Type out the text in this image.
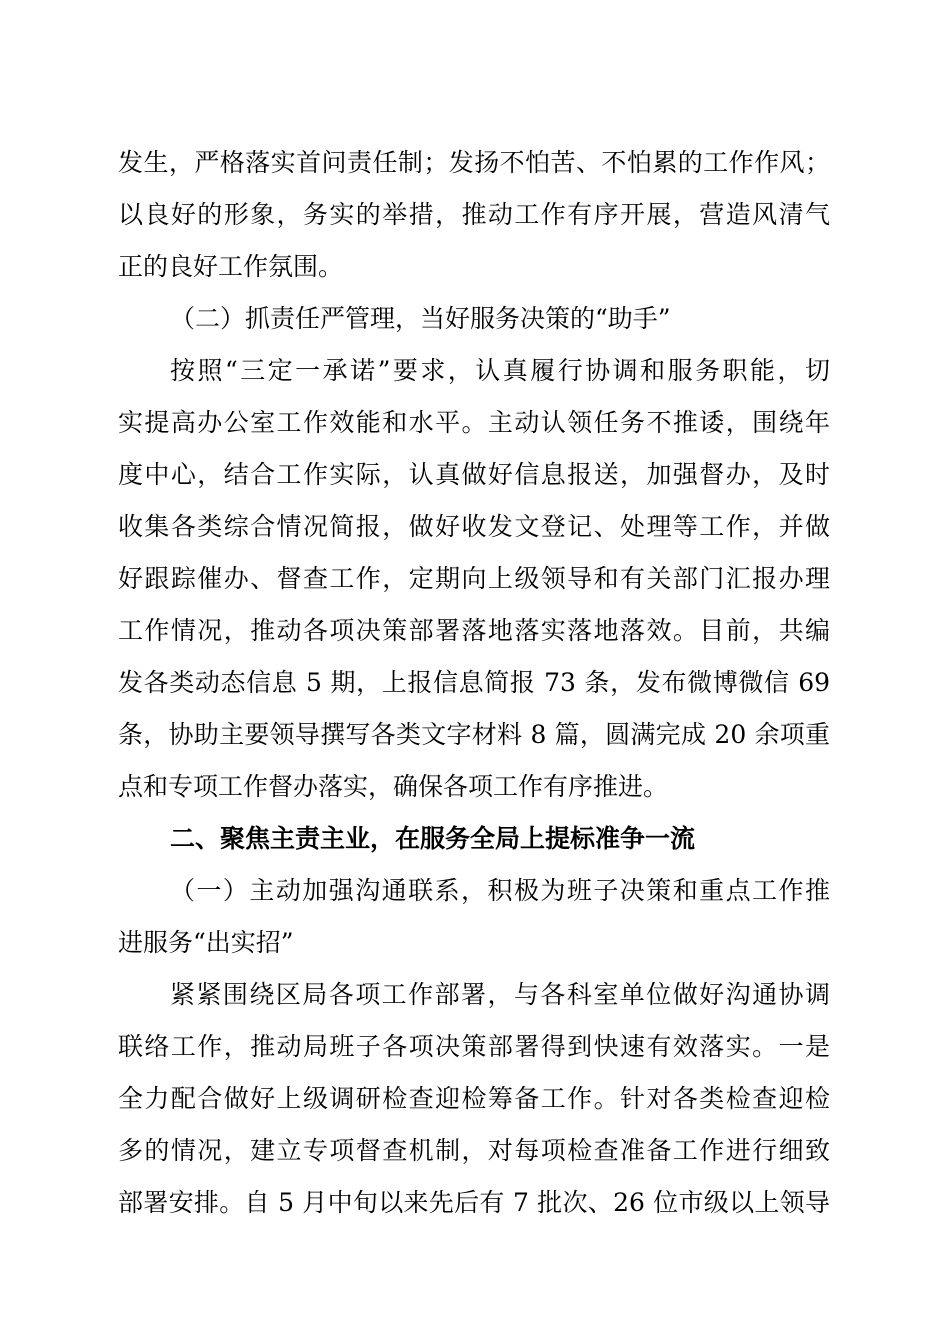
发生，严格落实首问责任制；发扬不怕苦、不怕累的工作作风；
以良好的形象，务实的举措，推动工作有序开展，营造风清气
正的良好工作氛围。
（二）抓责任严管理，当好服务决策的“助手”
按照“三定一承诺”要求，认真履行协调和服务职能，切
实提高办公室工作效能和水平。主动认领任务不推诿，围绕年
度中心，结合工作实际，认真做好信息报送，加强督办，及时
收集各类综合情况简报，做好收发文登记、处理等工作，并做
好跟踪催办、督查工作，定期向上级领导和有关部门汇报办理
工作情况，推动各项决策部署落地落实落地落效。目前，共编
发各类动态信息 5 期，上报信息简报 73 条，发布微博微信 69
条，协助主要领导撰写各类文字材料 8 篇，圆满完成 20 余项重
点和专项工作督办落实，确保各项工作有序推进。
二、聚焦主责主业，在服务全局上提标准争一流
（一）主动加强沟通联系，积极为班子决策和重点工作推
进服务“出实招”
紧紧围绕区局各项工作部署，与各科室单位做好沟通协调
联络工作，推动局班子各项决策部署得到快速有效落实。一是
全力配合做好上级调研检查迎检筹备工作。针对各类检查迎检
多的情况，建立专项督查机制，对每项检查准备工作进行细致
部署安排。自 5 月中旬以来先后有 7 批次、26 位市级以上领导
